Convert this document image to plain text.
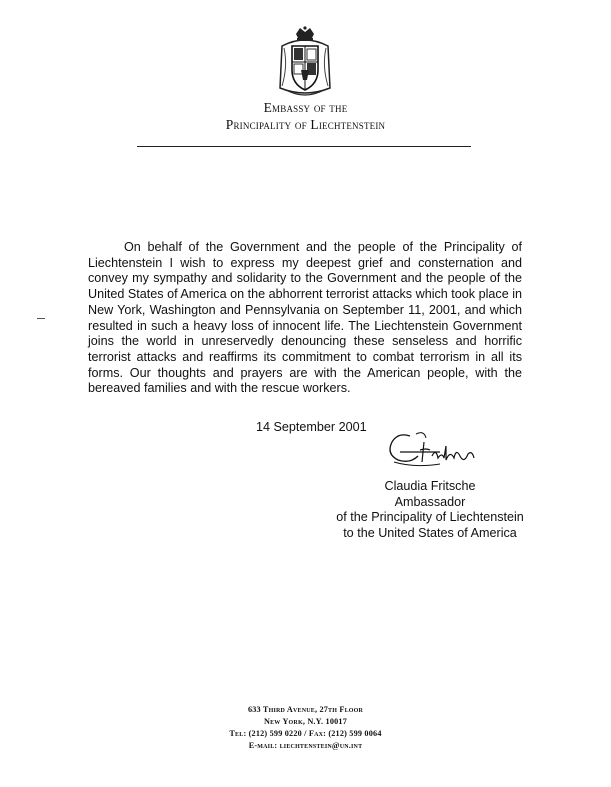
Embassy of the
Principality of Liechtenstein

On behalf of the Government and the people of the Principality of Liechtenstein I wish to express my deepest grief and consternation and convey my sympathy and solidarity to the Government and the people of the United States of America on the abhorrent terrorist attacks which took place in New York, Washington and Pennsylvania on September 11, 2001, and which resulted in such a heavy loss of innocent life. The Liechtenstein Government joins the world in unreservedly denouncing these senseless and horrific terrorist attacks and reaffirms its commitment to combat terrorism in all its forms. Our thoughts and prayers are with the American people, with the bereaved families and with the rescue workers.

14 September 2001
Claudia Fritsche
Ambassador
of the Principality of Liechtenstein
to the United States of America
633 Third Avenue, 27th Floor
New York, N.Y. 10017
Tel: (212) 599 0220 / Fax: (212) 599 0064
E-mail: liechtenstein@un.int
